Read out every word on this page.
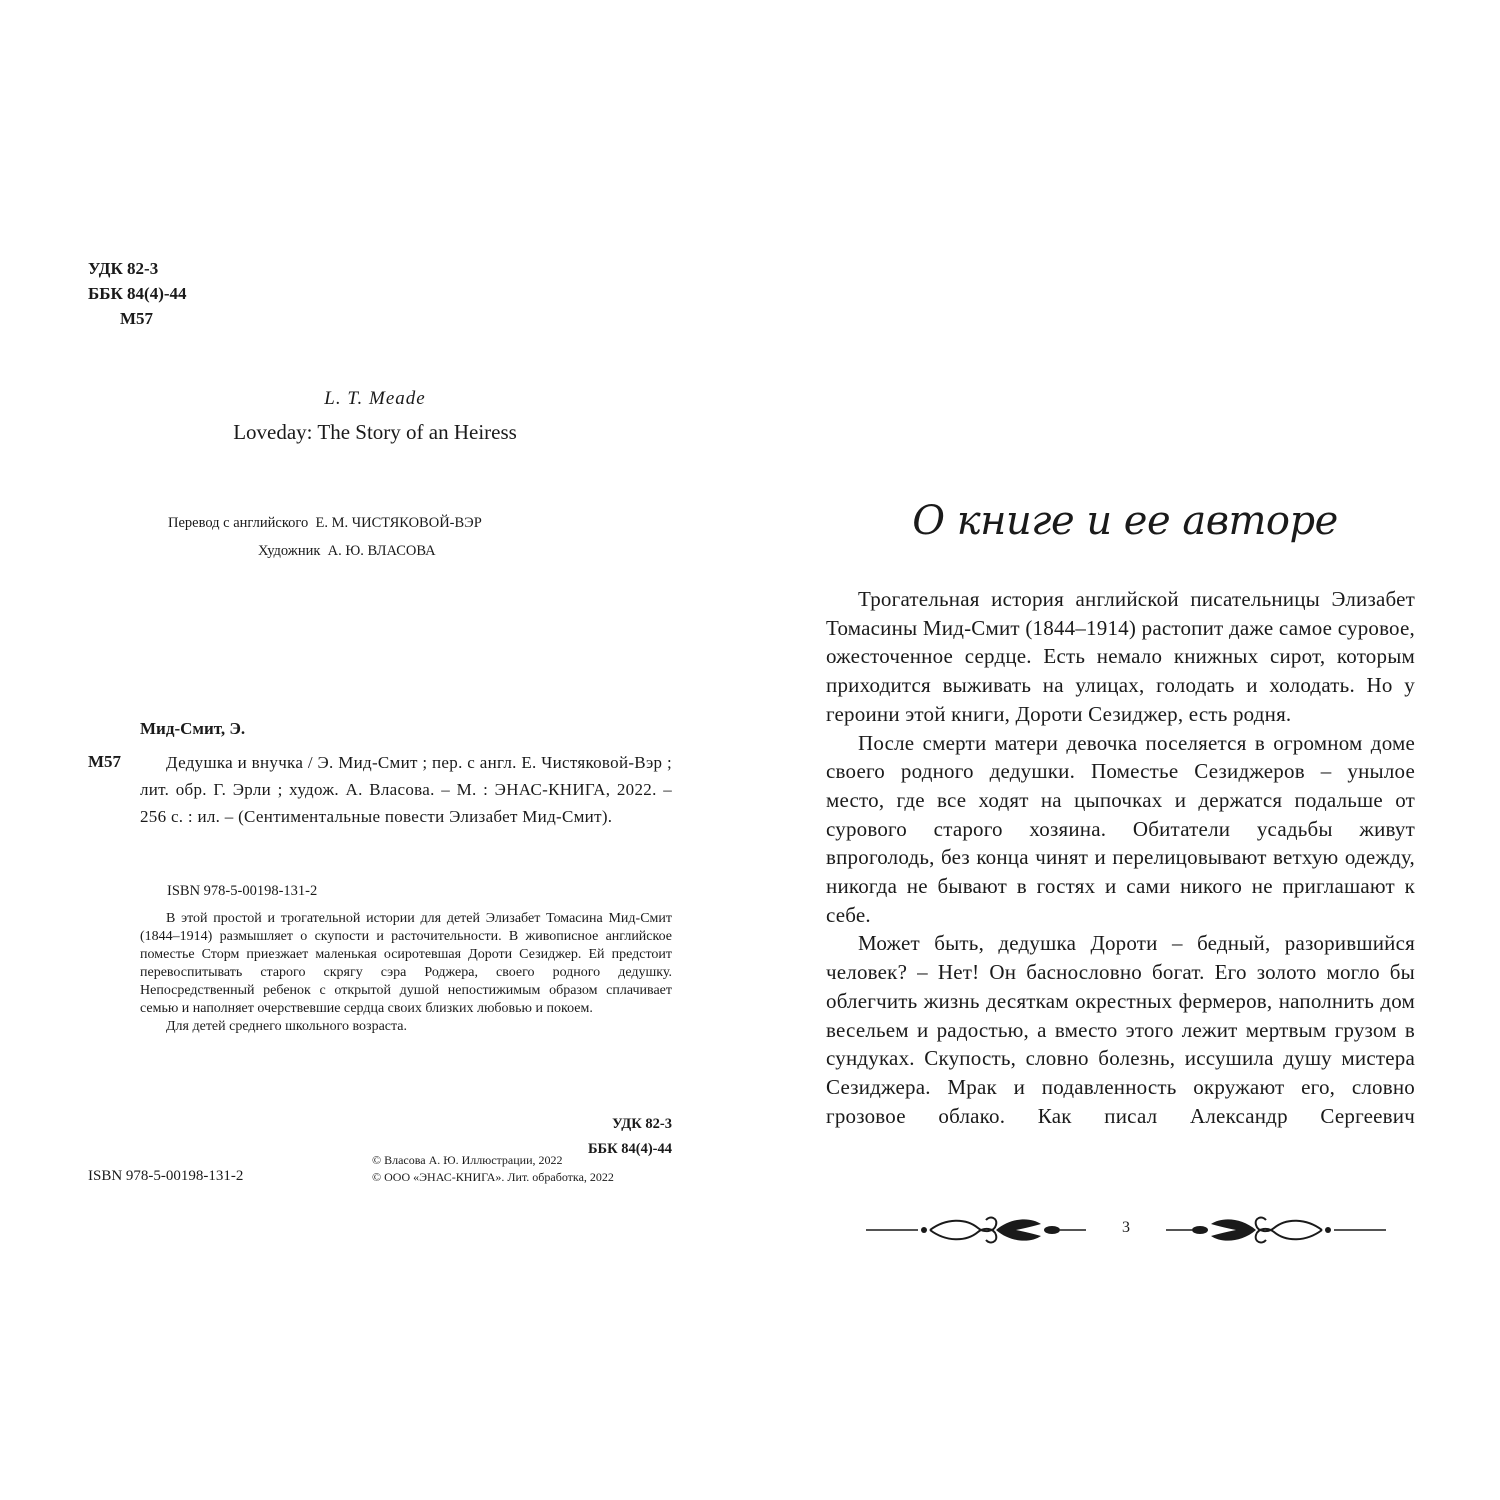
УДК 82-3
ББК 84(4)-44
М57
L. T. Meade
Loveday: The Story of an Heiress
Перевод с английского  Е. М. ЧИСТЯКОВОЙ-ВЭР
Художник  А. Ю. ВЛАСОВА
Мид-Смит, Э.
М57	Дедушка и внучка / Э. Мид-Смит ; пер. с англ. Е. Чистяковой-Вэр ; лит. обр. Г. Эрли ; худож. А. Власова. – М. : ЭНАС-КНИГА, 2022. – 256 с. : ил. – (Сентиментальные повести Элизабет Мид-Смит).
ISBN 978-5-00198-131-2

В этой простой и трогательной истории для детей Элизабет Томасина Мид-Смит (1844–1914) размышляет о скупости и расточительности. В живописное английское поместье Сторм приезжает маленькая осиротевшая Дороти Сезиджер. Ей предстоит перевоспитывать старого скрягу сэра Роджера, своего родного дедушку. Непосредственный ребенок с открытой душой непостижимым образом сплачивает семью и наполняет очерствевшие сердца своих близких любовью и покоем.

Для детей среднего школьного возраста.

УДК 82-3
ББК 84(4)-44
ISBN 978-5-00198-131-2
© Власова А. Ю. Иллюстрации, 2022
© ООО «ЭНАС-КНИГА». Лит. обработка, 2022
О книге и ее авторе

Трогательная история английской писательницы Элизабет Томасины Мид-Смит (1844–1914) растопит даже самое суровое, ожесточенное сердце. Есть немало книжных сирот, которым приходится выживать на улицах, голодать и холодать. Но у героини этой книги, Дороти Сезиджер, есть родня.

После смерти матери девочка поселяется в огромном доме своего родного дедушки. Поместье Сезиджеров – унылое место, где все ходят на цыпочках и держатся подальше от сурового старого хозяина. Обитатели усадьбы живут впроголодь, без конца чинят и перелицовывают ветхую одежду, никогда не бывают в гостях и сами никого не приглашают к себе.

Может быть, дедушка Дороти – бедный, разорившийся человек? – Нет! Он баснословно богат. Его золото могло бы облегчить жизнь десяткам окрестных фермеров, наполнить дом весельем и радостью, а вместо этого лежит мертвым грузом в сундуках. Скупость, словно болезнь, иссушила душу мистера Сезиджера. Мрак и подавленность окружают его, словно грозовое облако. Как писал Александр Сергеевич

3
